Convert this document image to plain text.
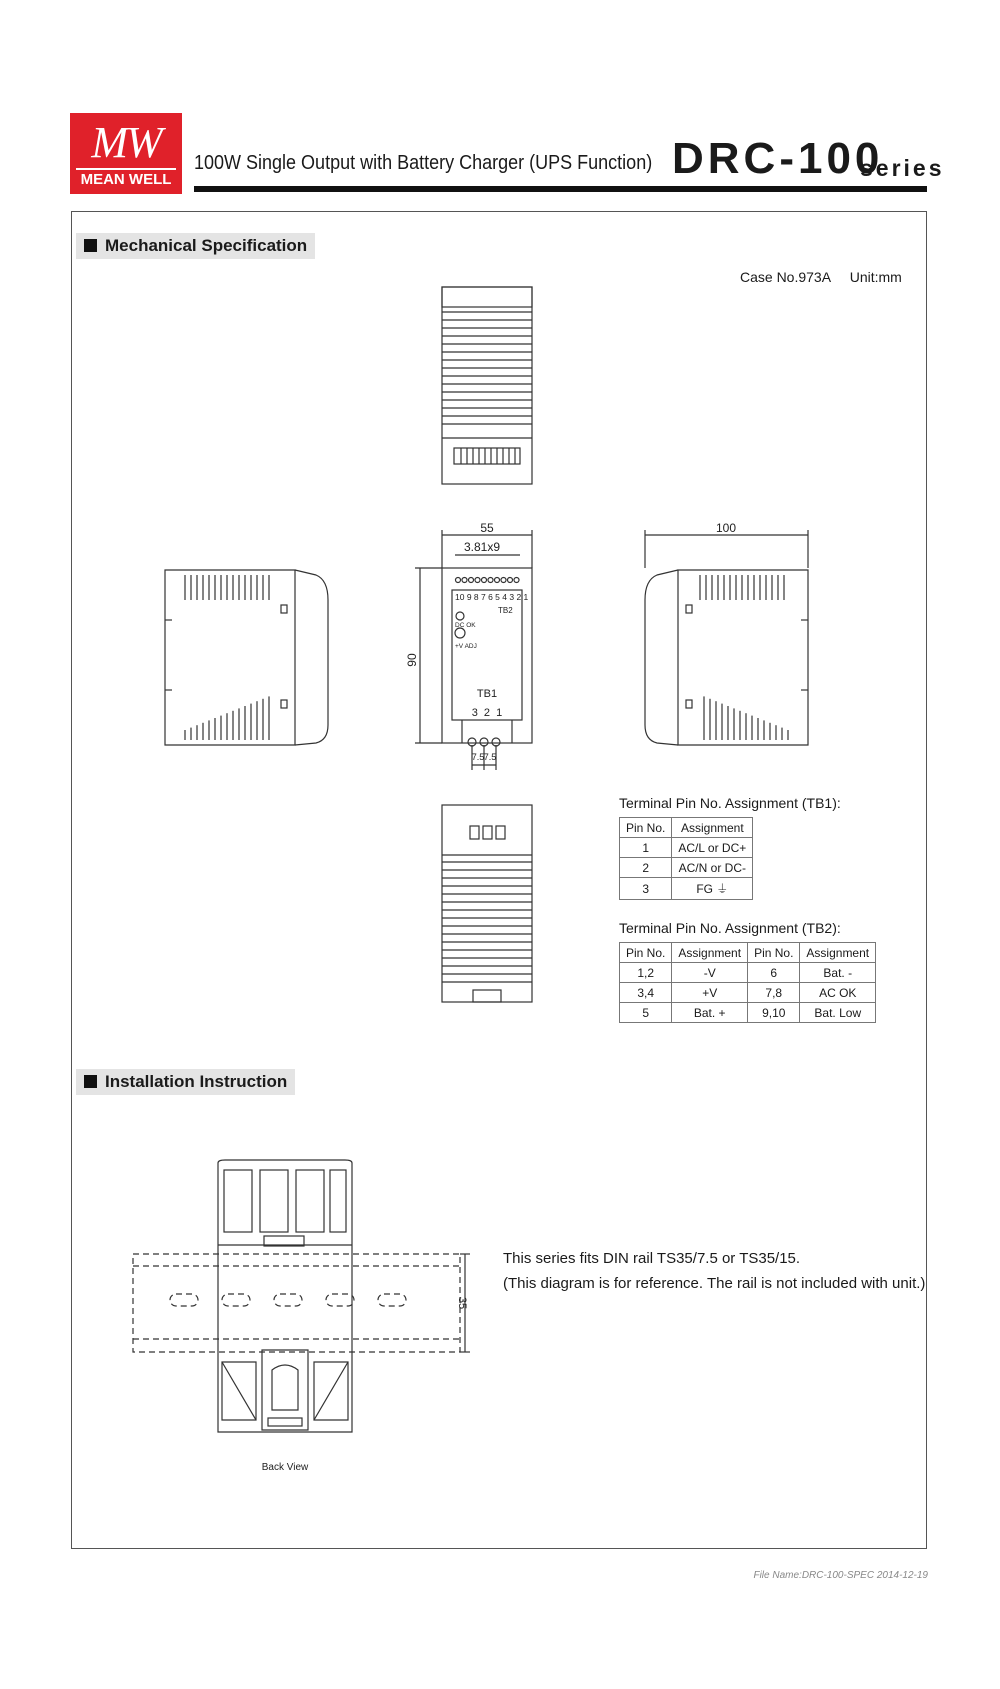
MW
MEAN WELL
100W Single Output with Battery Charger (UPS Function) DRC-100
series
Mechanical Specification
Case No.973A     Unit:mm
55
3.81x9
90
100
10 9 8 7 6 5 4 3 2 1
TB2
DC OK
+V ADJ
TB1
3  2  1
7.5 7.5
35
Back View
Terminal Pin No. Assignment (TB1):
Pin No.	Assignment
1	AC/L or DC+
2	AC/N or DC-
3	FG ⏚
Terminal Pin No. Assignment (TB2):
Pin No.	Assignment	Pin No.	Assignment
1,2	-V	6	Bat. -
3,4	+V	7,8	AC OK
5	Bat. +	9,10	Bat. Low
Installation Instruction
This series fits DIN rail TS35/7.5 or TS35/15.
(This diagram is for reference. The rail is not included with unit.)
File Name:DRC-100-SPEC 2014-12-19
